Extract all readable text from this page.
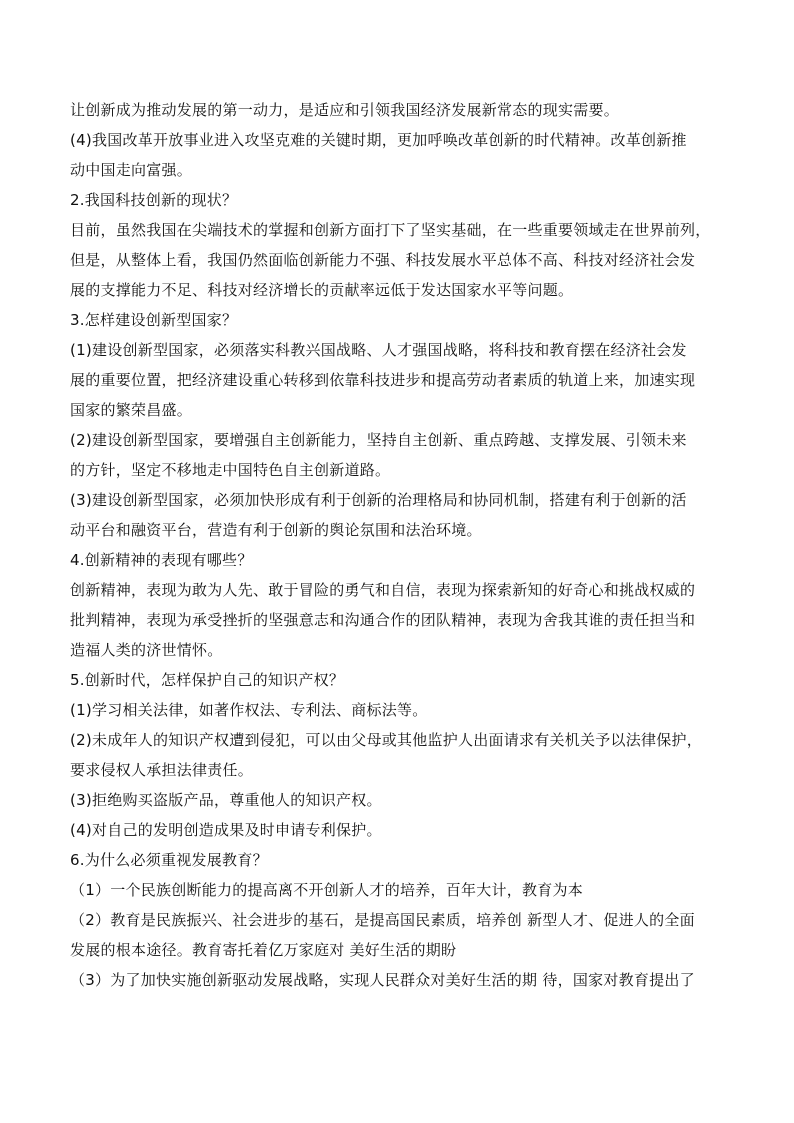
让创新成为推动发展的第一动力，是适应和引领我国经济发展新常态的现实需要。
(4)我国改革开放事业进入攻坚克难的关键时期，更加呼唤改革创新的时代精神。改革创新推
动中国走向富强。
2.我国科技创新的现状？
目前，虽然我国在尖端技术的掌握和创新方面打下了坚实基础，在一些重要领域走在世界前列，
但是，从整体上看，我国仍然面临创新能力不强、科技发展水平总体不高、科技对经济社会发
展的支撑能力不足、科技对经济增长的贡献率远低于发达国家水平等问题。
3.怎样建设创新型国家？
(1)建设创新型国家，必须落实科教兴国战略、人才强国战略，将科技和教育摆在经济社会发
展的重要位置，把经济建设重心转移到依靠科技进步和提高劳动者素质的轨道上来，加速实现
国家的繁荣昌盛。
(2)建设创新型国家，要增强自主创新能力，坚持自主创新、重点跨越、支撑发展、引领未来
的方针，坚定不移地走中国特色自主创新道路。
(3)建设创新型国家，必须加快形成有利于创新的治理格局和协同机制，搭建有利于创新的活
动平台和融资平台，营造有利于创新的舆论氛围和法治环境。
4.创新精神的表现有哪些？
创新精神，表现为敢为人先、敢于冒险的勇气和自信，表现为探索新知的好奇心和挑战权威的
批判精神，表现为承受挫折的坚强意志和沟通合作的团队精神，表现为舍我其谁的责任担当和
造福人类的济世情怀。
5.创新时代，怎样保护自己的知识产权？
(1)学习相关法律，如著作权法、专利法、商标法等。
(2)未成年人的知识产权遭到侵犯，可以由父母或其他监护人出面请求有关机关予以法律保护，
要求侵权人承担法律责任。
(3)拒绝购买盗版产品，尊重他人的知识产权。
(4)对自己的发明创造成果及时申请专利保护。
6.为什么必须重视发展教育？
（1）一个民族创断能力的提高离不开创新人才的培养，百年大计，教育为本
（2）教育是民族振兴、社会进步的基石，是提高国民素质，培养创 新型人才、促进人的全面
发展的根本途径。教育寄托着亿万家庭对 美好生活的期盼
（3）为了加快实施创新驱动发展战略，实现人民群众对美好生活的期 待，国家对教育提出了
